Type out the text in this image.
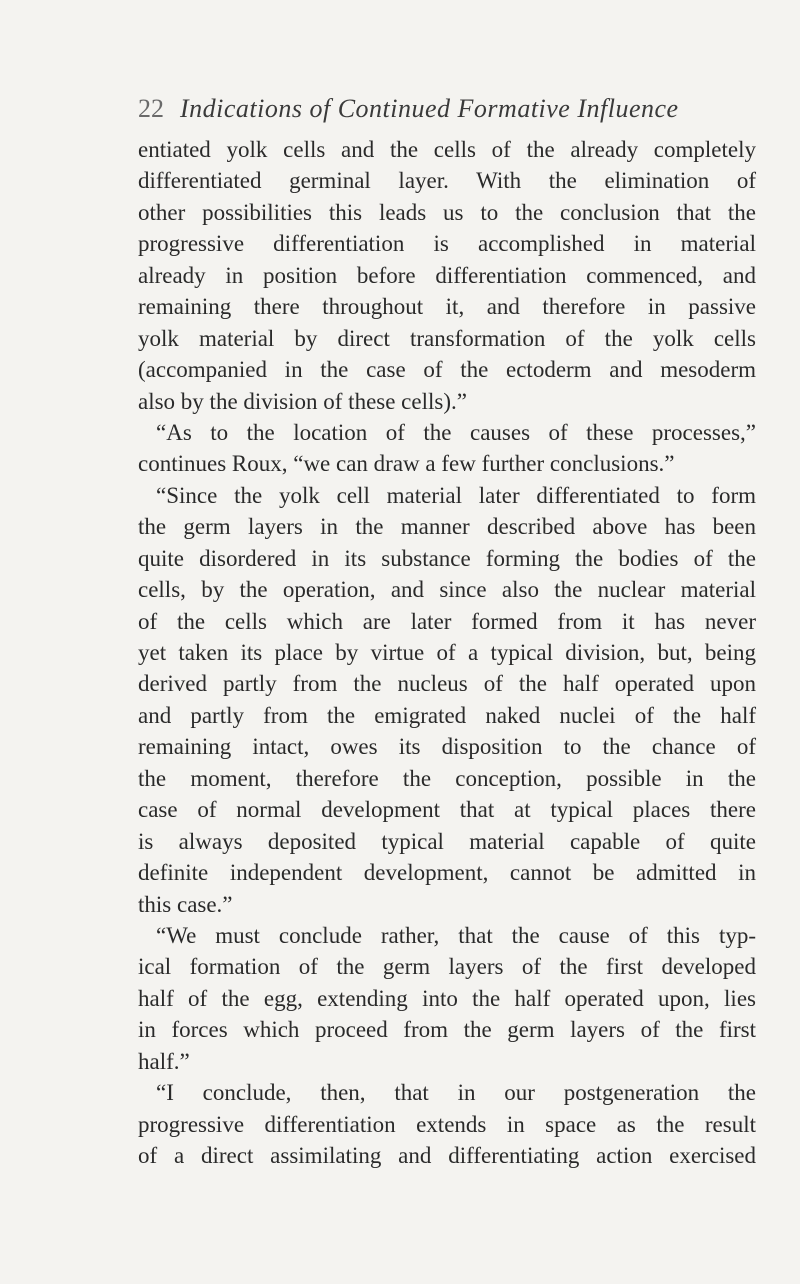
22 Indications of Continued Formative Influence
entiated yolk cells and the cells of the already completely
differentiated germinal layer. With the elimination of
other possibilities this leads us to the conclusion that the
progressive differentiation is accomplished in material
already in position before differentiation commenced, and
remaining there throughout it, and therefore in passive
yolk material by direct transformation of the yolk cells
(accompanied in the case of the ectoderm and mesoderm
also by the division of these cells).”
“As to the location of the causes of these processes,”
continues Roux, “we can draw a few further conclusions.”
“Since the yolk cell material later differentiated to form
the germ layers in the manner described above has been
quite disordered in its substance forming the bodies of the
cells, by the operation, and since also the nuclear material
of the cells which are later formed from it has never
yet taken its place by virtue of a typical division, but, being
derived partly from the nucleus of the half operated upon
and partly from the emigrated naked nuclei of the half
remaining intact, owes its disposition to the chance of
the moment, therefore the conception, possible in the
case of normal development that at typical places there
is always deposited typical material capable of quite
definite independent development, cannot be admitted in
this case.”
“We must conclude rather, that the cause of this typ-
ical formation of the germ layers of the first developed
half of the egg, extending into the half operated upon, lies
in forces which proceed from the germ layers of the first
half.”
“I conclude, then, that in our postgeneration the
progressive differentiation extends in space as the result
of a direct assimilating and differentiating action exercised
